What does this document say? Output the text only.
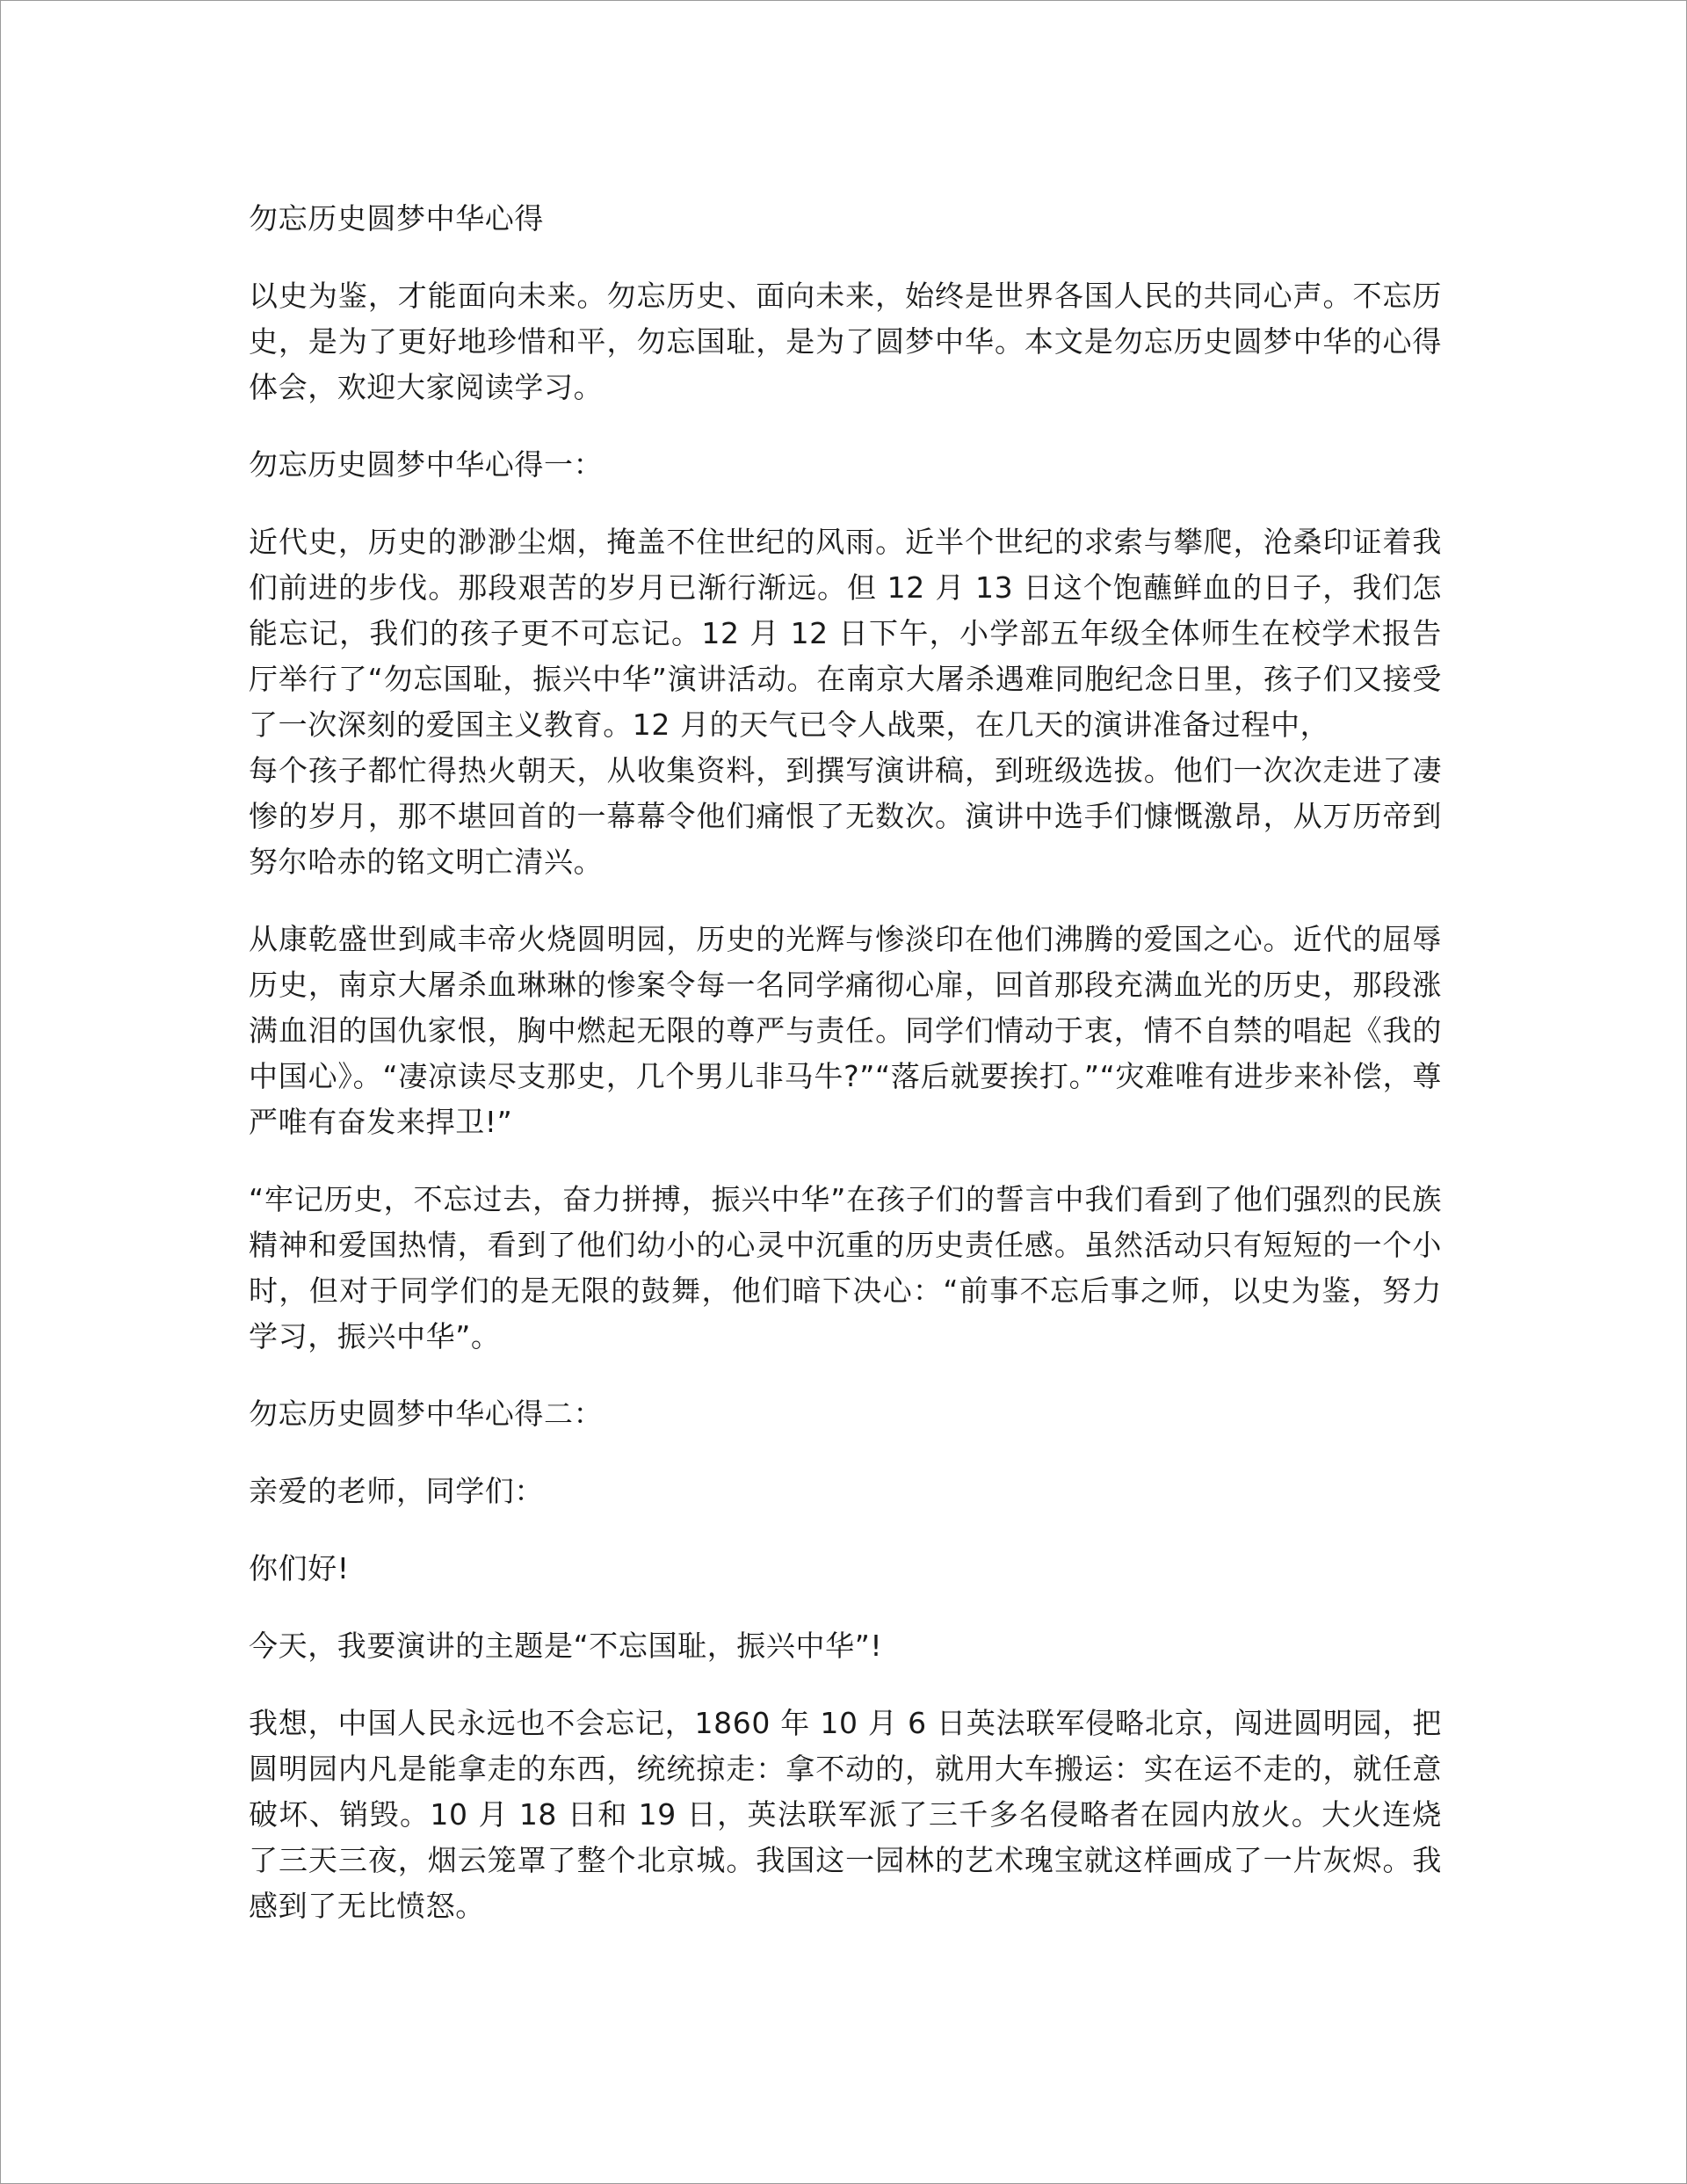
勿忘历史圆梦中华心得

以史为鉴，才能面向未来。勿忘历史、面向未来，始终是世界各国人民的共同心声。不忘历史，是为了更好地珍惜和平，勿忘国耻，是为了圆梦中华。本文是勿忘历史圆梦中华的心得体会，欢迎大家阅读学习。

勿忘历史圆梦中华心得一：

近代史，历史的渺渺尘烟，掩盖不住世纪的风雨。近半个世纪的求索与攀爬，沧桑印证着我们前进的步伐。那段艰苦的岁月已渐行渐远。但 12 月 13 日这个饱蘸鲜血的日子，我们怎能忘记，我们的孩子更不可忘记。12 月 12 日下午，小学部五年级全体师生在校学术报告厅举行了“勿忘国耻，振兴中华”演讲活动。在南京大屠杀遇难同胞纪念日里，孩子们又接受了一次深刻的爱国主义教育。12 月的天气已令人战栗，在几天的演讲准备过程中，
每个孩子都忙得热火朝天，从收集资料，到撰写演讲稿，到班级选拔。他们一次次走进了凄惨的岁月，那不堪回首的一幕幕令他们痛恨了无数次。演讲中选手们慷慨激昂，从万历帝到努尔哈赤的铭文明亡清兴。

从康乾盛世到咸丰帝火烧圆明园，历史的光辉与惨淡印在他们沸腾的爱国之心。近代的屈辱历史，南京大屠杀血琳琳的惨案令每一名同学痛彻心扉，回首那段充满血光的历史，那段涨满血泪的国仇家恨，胸中燃起无限的尊严与责任。同学们情动于衷，情不自禁的唱起《我的中国心》。“凄凉读尽支那史，几个男儿非马牛?”“落后就要挨打。”“灾难唯有进步来补偿，尊严唯有奋发来捍卫!”

“牢记历史，不忘过去，奋力拼搏，振兴中华”在孩子们的誓言中我们看到了他们强烈的民族精神和爱国热情，看到了他们幼小的心灵中沉重的历史责任感。虽然活动只有短短的一个小时，但对于同学们的是无限的鼓舞，他们暗下决心：“前事不忘后事之师，以史为鉴，努力学习，振兴中华”。

勿忘历史圆梦中华心得二：

亲爱的老师，同学们：

你们好!

今天，我要演讲的主题是“不忘国耻，振兴中华”!

我想，中国人民永远也不会忘记，1860 年 10 月 6 日英法联军侵略北京，闯进圆明园，把圆明园内凡是能拿走的东西，统统掠走：拿不动的，就用大车搬运：实在运不走的，就任意破坏、销毁。10 月 18 日和 19 日，英法联军派了三千多名侵略者在园内放火。大火连烧了三天三夜，烟云笼罩了整个北京城。我国这一园林的艺术瑰宝就这样画成了一片灰烬。我感到了无比愤怒。
